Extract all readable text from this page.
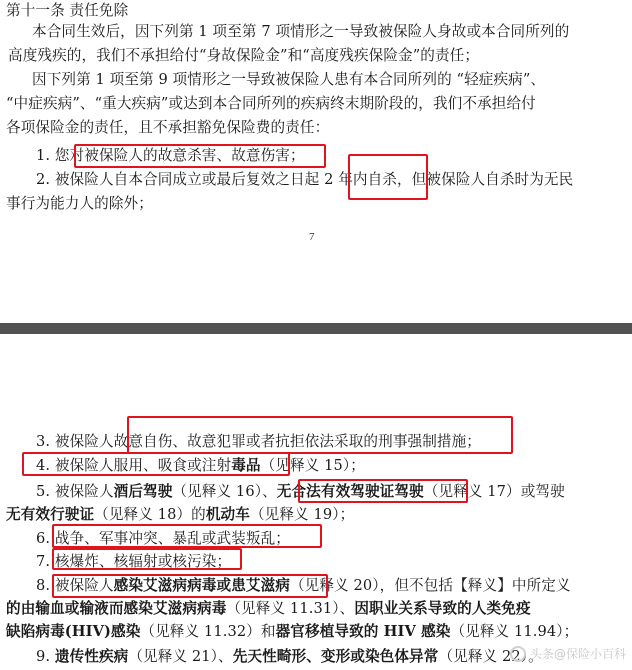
第十一条 责任免除
本合同生效后，因下列第 1 项至第 7 项情形之一导致被保险人身故或本合同所列的
高度残疾的，我们不承担给付“身故保险金”和“高度残疾保险金”的责任；
因下列第 1 项至第 9 项情形之一导致被保险人患有本合同所列的 “轻症疾病”、
“中症疾病”、“重大疾病”或达到本合同所列的疾病终末期阶段的，我们不承担给付
各项保险金的责任，且不承担豁免保险费的责任：
1. 您对被保险人的故意杀害、故意伤害；
2. 被保险人自本合同成立或最后复效之日起 2 年内自杀，但被保险人自杀时为无民
事行为能力人的除外；
7
3. 被保险人故意自伤、故意犯罪或者抗拒依法采取的刑事强制措施；
4. 被保险人服用、吸食或注射毒品（见释义 15）；
5. 被保险人酒后驾驶（见释义 16）、无合法有效驾驶证驾驶（见释义 17）或驾驶
无有效行驶证（见释义 18）的机动车（见释义 19）；
6. 战争、军事冲突、暴乱或武装叛乱；
7. 核爆炸、核辐射或核污染；
8. 被保险人感染艾滋病病毒或患艾滋病（见释义 20），但不包括【释义】中所定义
的由输血或输液而感染艾滋病病毒（见释义 11.31）、因职业关系导致的人类免疫
缺陷病毒(HIV)感染（见释义 11.32）和器官移植导致的 HIV 感染（见释义 11.94）；
9. 遗传性疾病（见释义 21）、先天性畸形、变形或染色体异常（见释义 22）。
头条@保险小百科
